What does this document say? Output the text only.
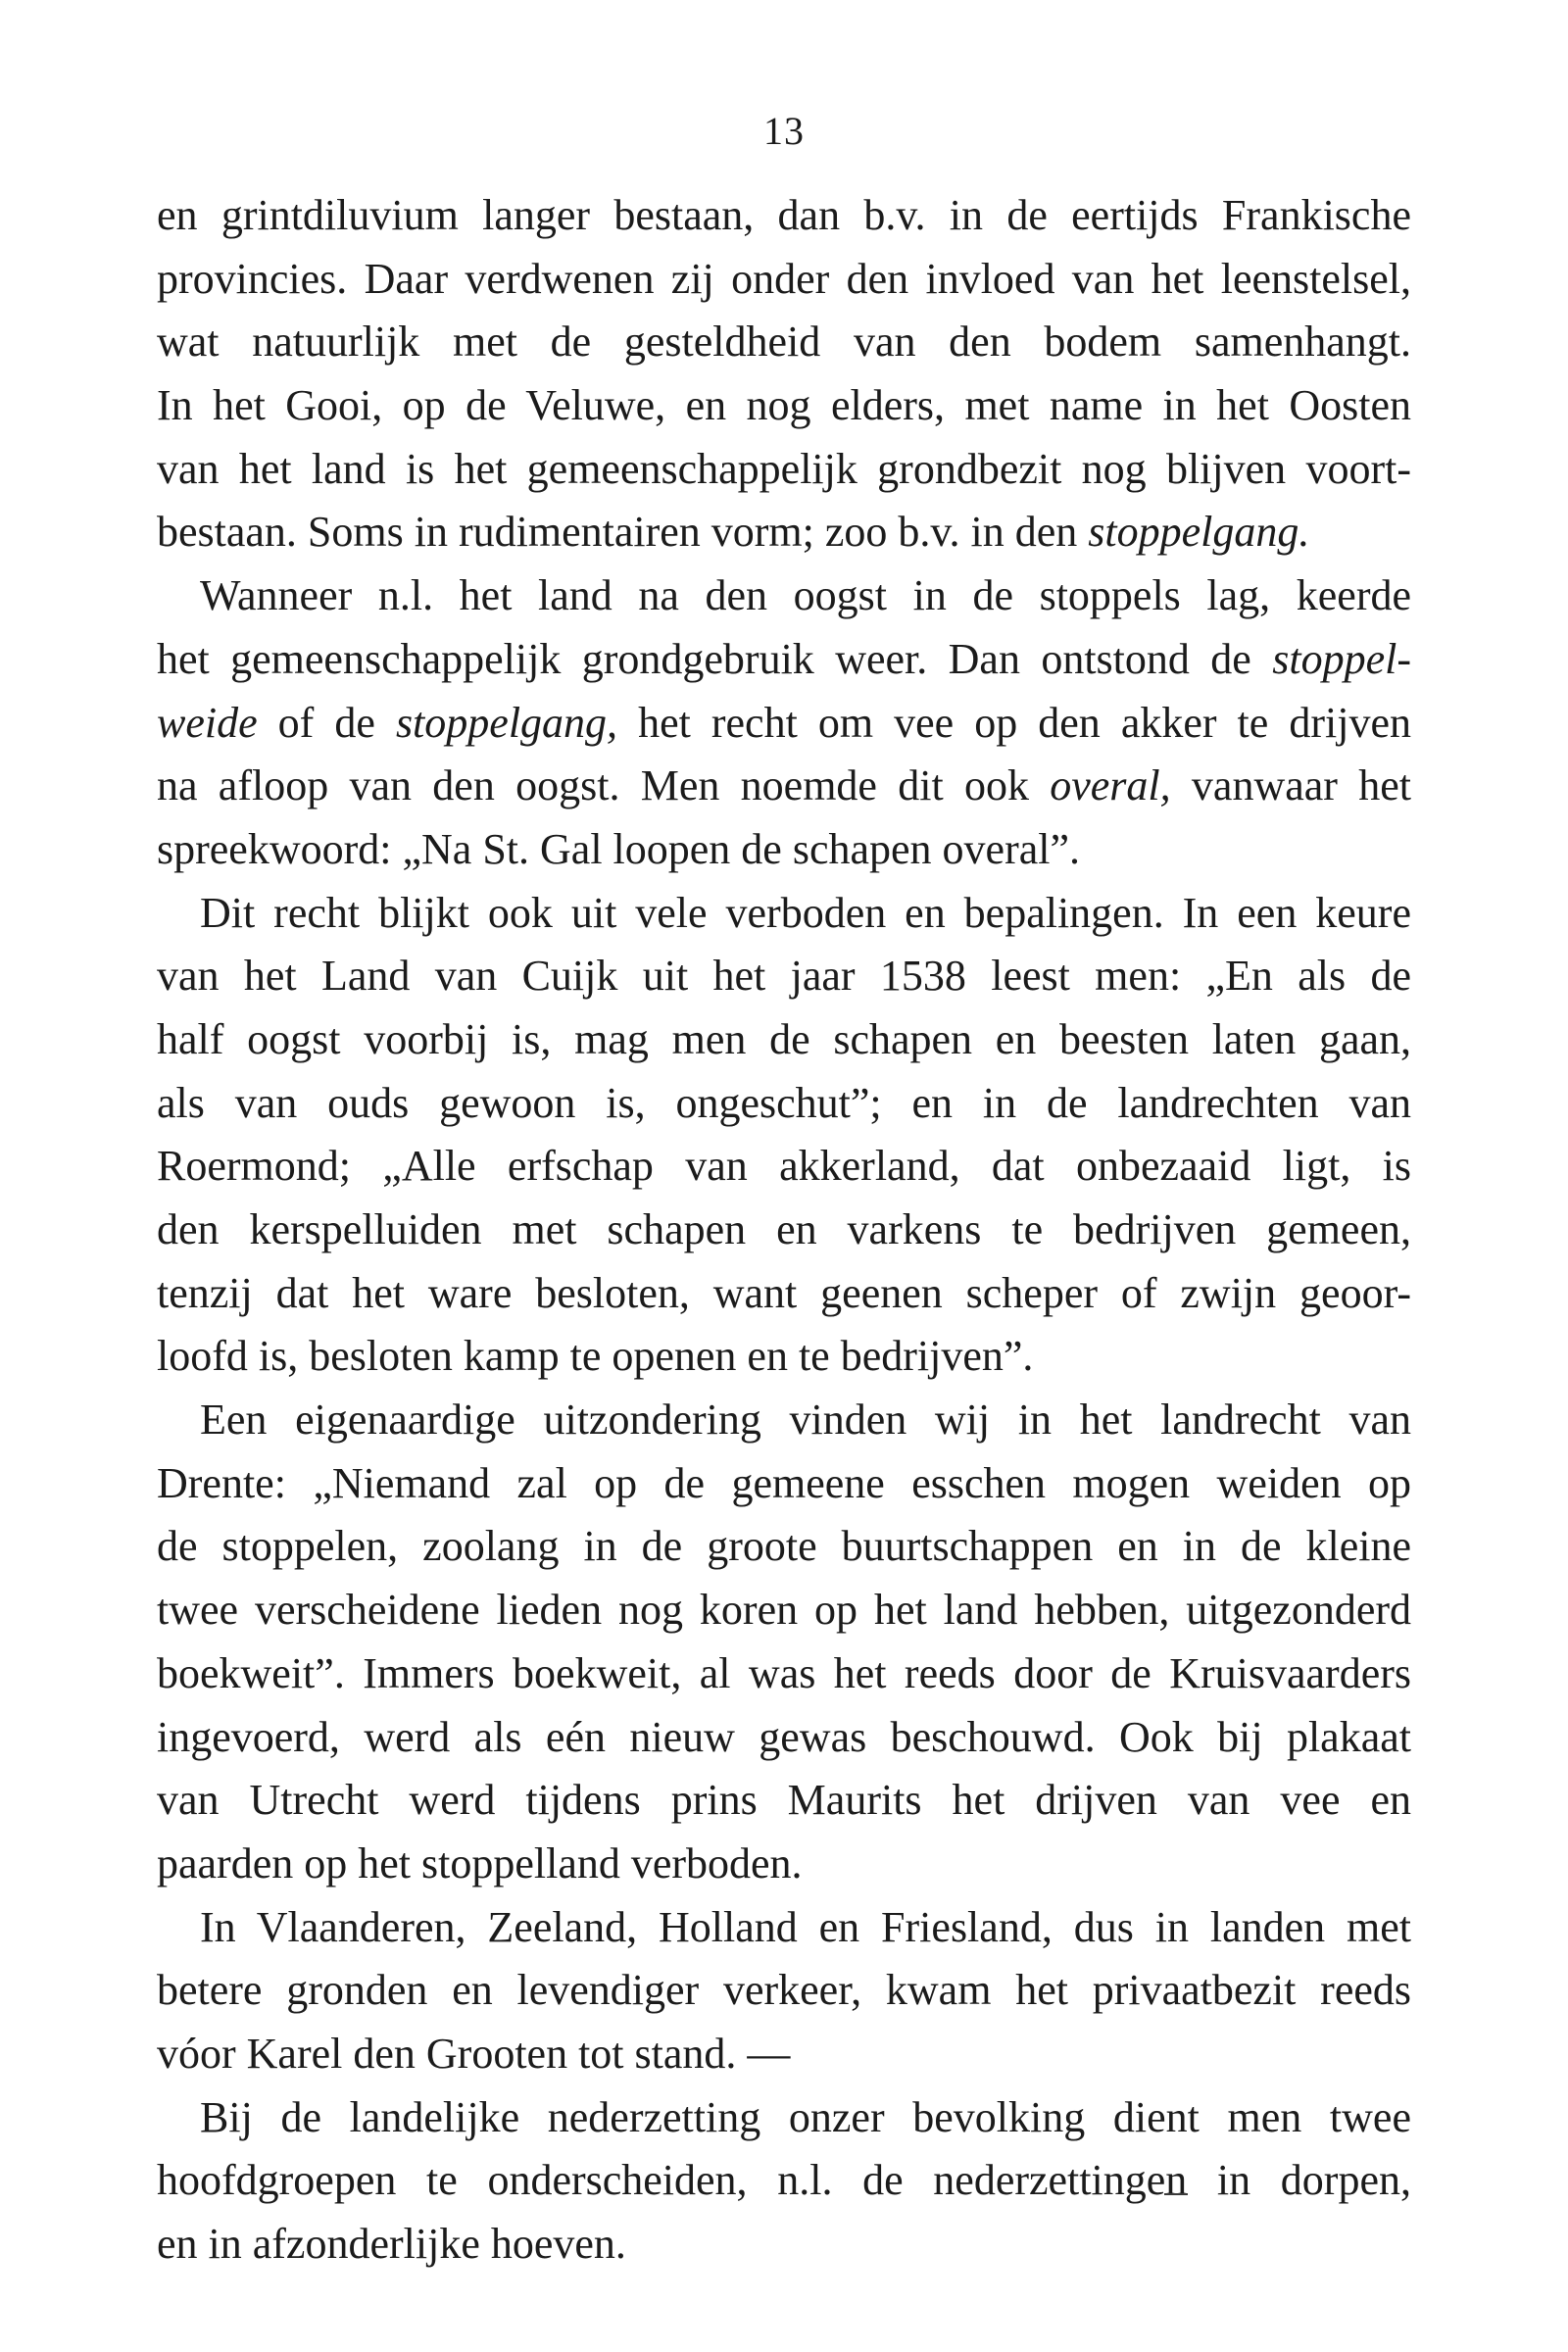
13
en grintdiluvium langer bestaan, dan b.v. in de eertijds Frankische
provincies. Daar verdwenen zij onder den invloed van het leenstelsel,
wat natuurlijk met de gesteldheid van den bodem samenhangt.
In het Gooi, op de Veluwe, en nog elders, met name in het Oosten
van het land is het gemeenschappelijk grondbezit nog blijven voort-
bestaan. Soms in rudimentairen vorm; zoo b.v. in den stoppelgang.
Wanneer n.l. het land na den oogst in de stoppels lag, keerde
het gemeenschappelijk grondgebruik weer. Dan ontstond de stoppel-
weide of de stoppelgang, het recht om vee op den akker te drijven
na afloop van den oogst. Men noemde dit ook overal, vanwaar het
spreekwoord: „Na St. Gal loopen de schapen overal”.
Dit recht blijkt ook uit vele verboden en bepalingen. In een keure
van het Land van Cuijk uit het jaar 1538 leest men: „En als de
half oogst voorbij is, mag men de schapen en beesten laten gaan,
als van ouds gewoon is, ongeschut”; en in de landrechten van
Roermond; „Alle erfschap van akkerland, dat onbezaaid ligt, is
den kerspelluiden met schapen en varkens te bedrijven gemeen,
tenzij dat het ware besloten, want geenen scheper of zwijn geoor-
loofd is, besloten kamp te openen en te bedrijven”.
Een eigenaardige uitzondering vinden wij in het landrecht van
Drente: „Niemand zal op de gemeene esschen mogen weiden op
de stoppelen, zoolang in de groote buurtschappen en in de kleine
twee verscheidene lieden nog koren op het land hebben, uitgezonderd
boekweit”. Immers boekweit, al was het reeds door de Kruisvaarders
ingevoerd, werd als eén nieuw gewas beschouwd. Ook bij plakaat
van Utrecht werd tijdens prins Maurits het drijven van vee en
paarden op het stoppelland verboden.
In Vlaanderen, Zeeland, Holland en Friesland, dus in landen met
betere gronden en levendiger verkeer, kwam het privaatbezit reeds
vóor Karel den Grooten tot stand. —
Bij de landelijke nederzetting onzer bevolking dient men twee
hoofdgroepen te onderscheiden, n.l. de nederzettingen in dorpen,
en in afzonderlijke hoeven.
